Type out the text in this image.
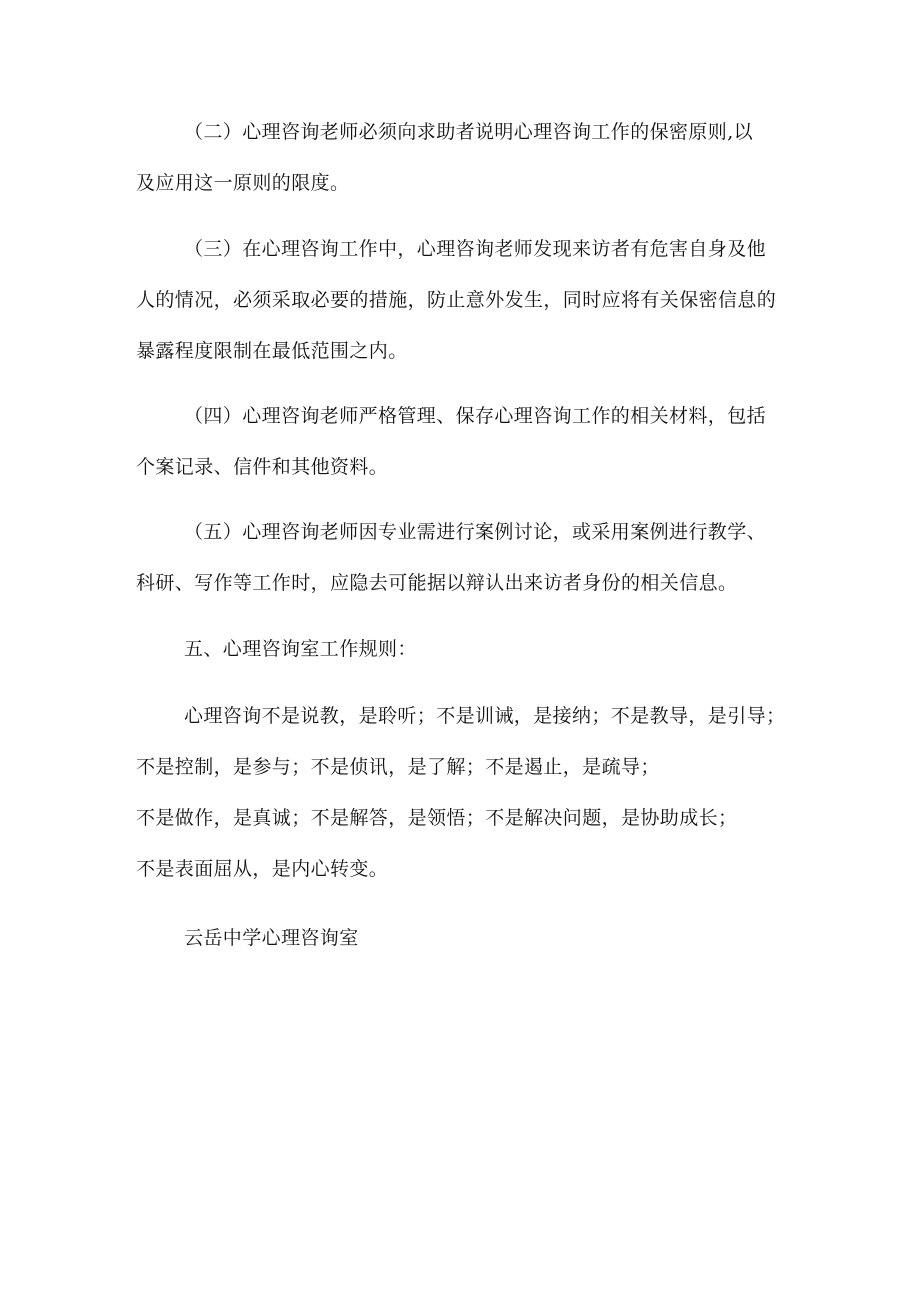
（二）心理咨询老师必须向求助者说明心理咨询工作的保密原则,以
及应用这一原则的限度。
（三）在心理咨询工作中，心理咨询老师发现来访者有危害自身及他
人的情况，必须采取必要的措施，防止意外发生，同时应将有关保密信息的
暴露程度限制在最低范围之内。
（四）心理咨询老师严格管理、保存心理咨询工作的相关材料，包括
个案记录、信件和其他资料。
（五）心理咨询老师因专业需进行案例讨论，或采用案例进行教学、
科研、写作等工作时，应隐去可能据以辩认出来访者身份的相关信息。
五、心理咨询室工作规则：
心理咨询不是说教，是聆听；不是训诫，是接纳；不是教导，是引导；
不是控制，是参与；不是侦讯，是了解；不是遏止，是疏导；
不是做作，是真诚；不是解答，是领悟；不是解决问题，是协助成长；
不是表面屈从，是内心转变。
云岳中学心理咨询室
